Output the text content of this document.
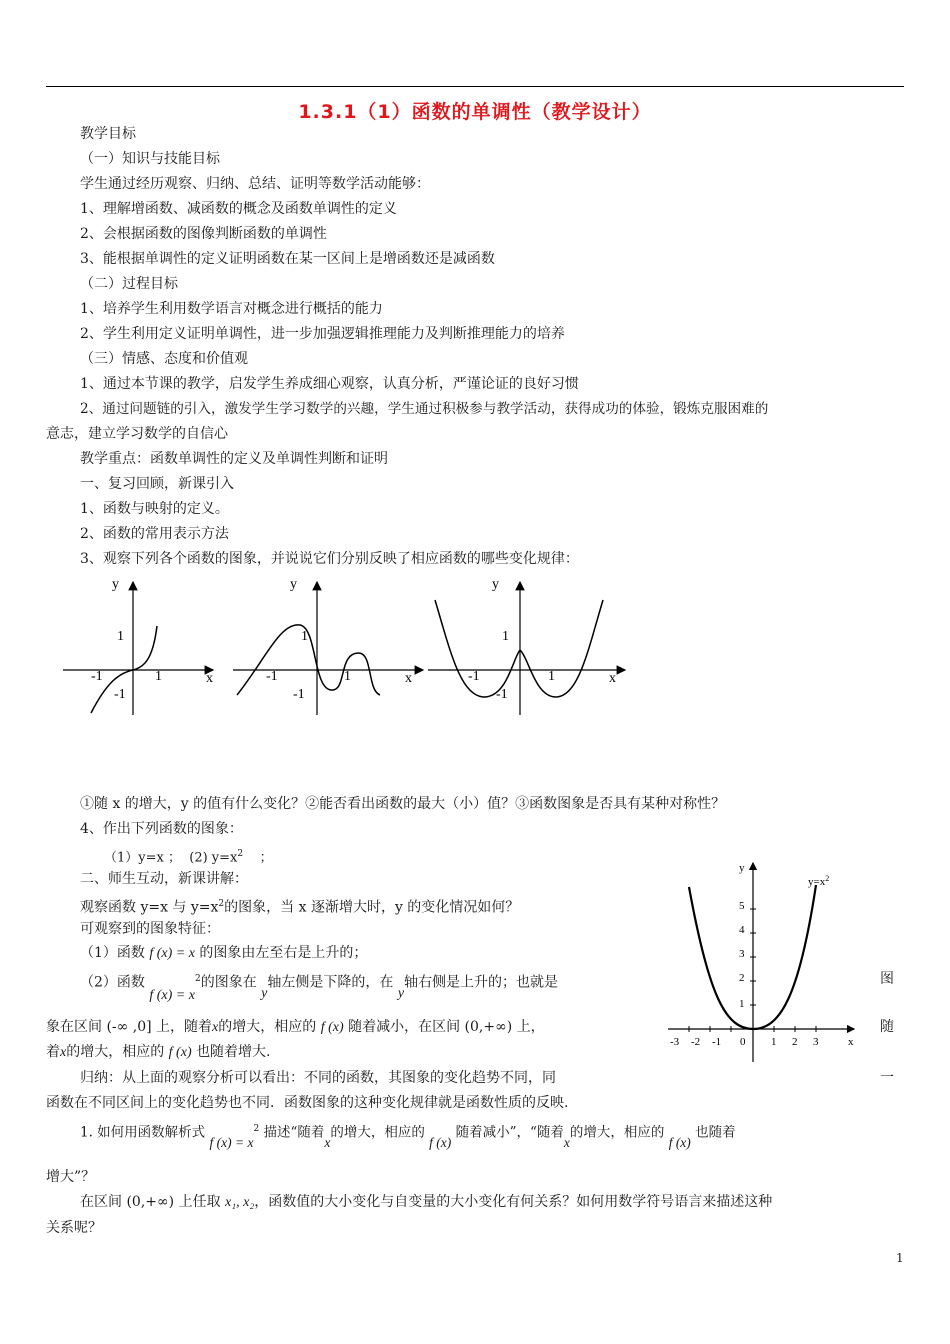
1.3.1（1）函数的单调性（教学设计）
教学目标
（一）知识与技能目标
学生通过经历观察、归纳、总结、证明等数学活动能够：
1、理解增函数、减函数的概念及函数单调性的定义
2、会根据函数的图像判断函数的单调性
3、能根据单调性的定义证明函数在某一区间上是增函数还是减函数
（二）过程目标
1、培养学生利用数学语言对概念进行概括的能力
2、学生利用定义证明单调性，进一步加强逻辑推理能力及判断推理能力的培养
（三）情感、态度和价值观
1、通过本节课的教学，启发学生养成细心观察，认真分析，严谨论证的良好习惯
2、通过问题链的引入，激发学生学习数学的兴趣，学生通过积极参与教学活动，获得成功的体验，锻炼克服困难的
意志，建立学习数学的自信心
教学重点：函数单调性的定义及单调性判断和证明
一、复习回顾，新课引入
1、函数与映射的定义。
2、函数的常用表示方法
3、观察下列各个函数的图象，并说说它们分别反映了相应函数的哪些变化规律：
y
x
1
-1	1
-1
y
x
1
-1	1
-1
y
x
1
-1	1
-1
①随 x 的增大，y 的值有什么变化？②能否看出函数的最大（小）值？③函数图象是否具有某种对称性？
4、作出下列函数的图象：
（1）y=x ； (2) $y=x^2$ ；
二、师生互动，新课讲解：
观察函数 y=x 与 $y=x^2$的图象，当 x 逐渐增大时，y 的变化情况如何？
可观察到的图象特征：
（1）函数 f (x) = x 的图象由左至右是上升的；
（2）函数 f $(x) = x^2$的图象在 y轴左侧是下降的，在 y轴右侧是上升的；也就是	图
象在区间 (-∞ ,0] 上，随着x的增大，相应的 f (x) 随着减小，在区间 (0,+∞) 上，	随
着x的增大，相应的 f (x) 也随着增大.
归纳：从上面的观察分析可以看出：不同的函数，其图象的变化趋势不同，同	一
函数在不同区间上的变化趋势也不同．函数图象的这种变化规律就是函数性质的反映.
1. 如何用函数解析式 f $(x) = x^2$ 描述“随着x的增大，相应的 f (x) 随着减小”，“随着x的增大，相应的 f (x) 也随着
增大”？
在区间 (0,+∞) 上任取 x₁, x₂，函数值的大小变化与自变量的大小变化有何关系？如何用数学符号语言来描述这种
关系呢？
y
x
$y=x^2$
5
4
3
2
1
-3 -2 -1 0 1 2 3
1
